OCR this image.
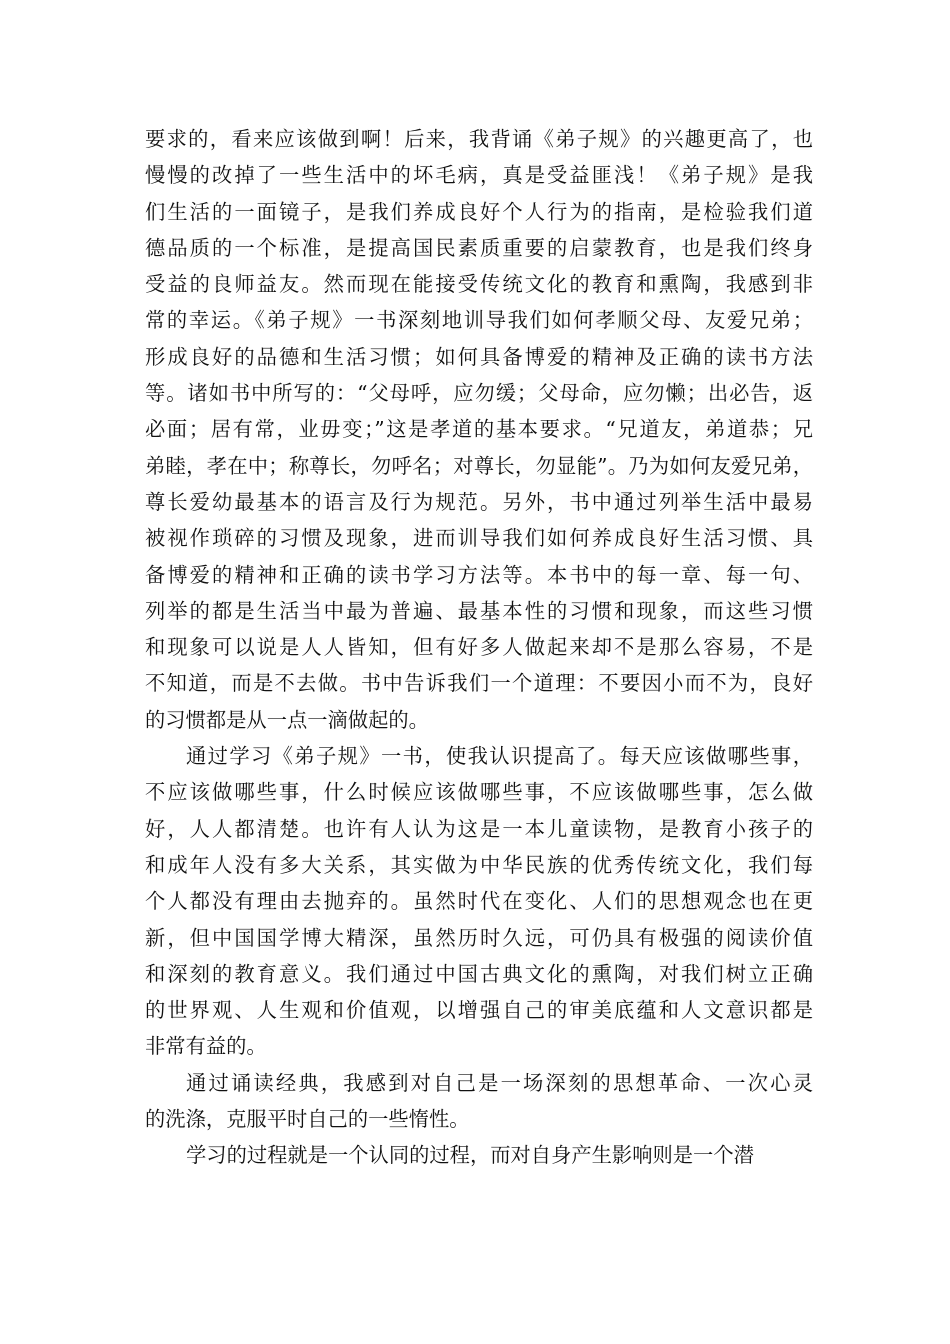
要求的，看来应该做到啊！后来，我背诵《弟子规》的兴趣更高了，也
慢慢的改掉了一些生活中的坏毛病，真是受益匪浅！《弟子规》是我
们生活的一面镜子，是我们养成良好个人行为的指南，是检验我们道
德品质的一个标准，是提高国民素质重要的启蒙教育，也是我们终身
受益的良师益友。然而现在能接受传统文化的教育和熏陶，我感到非
常的幸运。《弟子规》一书深刻地训导我们如何孝顺父母、友爱兄弟；
形成良好的品德和生活习惯；如何具备博爱的精神及正确的读书方法
等。诸如书中所写的：“父母呼，应勿缓；父母命，应勿懒；出必告，返
必面；居有常，业毋变；”这是孝道的基本要求。“兄道友，弟道恭；兄
弟睦，孝在中；称尊长，勿呼名；对尊长，勿显能”。乃为如何友爱兄弟，
尊长爱幼最基本的语言及行为规范。另外，书中通过列举生活中最易
被视作琐碎的习惯及现象，进而训导我们如何养成良好生活习惯、具
备博爱的精神和正确的读书学习方法等。本书中的每一章、每一句、
列举的都是生活当中最为普遍、最基本性的习惯和现象，而这些习惯
和现象可以说是人人皆知，但有好多人做起来却不是那么容易，不是
不知道，而是不去做。书中告诉我们一个道理：不要因小而不为，良好
的习惯都是从一点一滴做起的。
通过学习《弟子规》一书，使我认识提高了。每天应该做哪些事，
不应该做哪些事，什么时候应该做哪些事，不应该做哪些事，怎么做
好，人人都清楚。也许有人认为这是一本儿童读物，是教育小孩子的
和成年人没有多大关系，其实做为中华民族的优秀传统文化，我们每
个人都没有理由去抛弃的。虽然时代在变化、人们的思想观念也在更
新，但中国国学博大精深，虽然历时久远，可仍具有极强的阅读价值
和深刻的教育意义。我们通过中国古典文化的熏陶，对我们树立正确
的世界观、人生观和价值观，以增强自己的审美底蕴和人文意识都是
非常有益的。
通过诵读经典，我感到对自己是一场深刻的思想革命、一次心灵
的洗涤，克服平时自己的一些惰性。
学习的过程就是一个认同的过程，而对自身产生影响则是一个潜
